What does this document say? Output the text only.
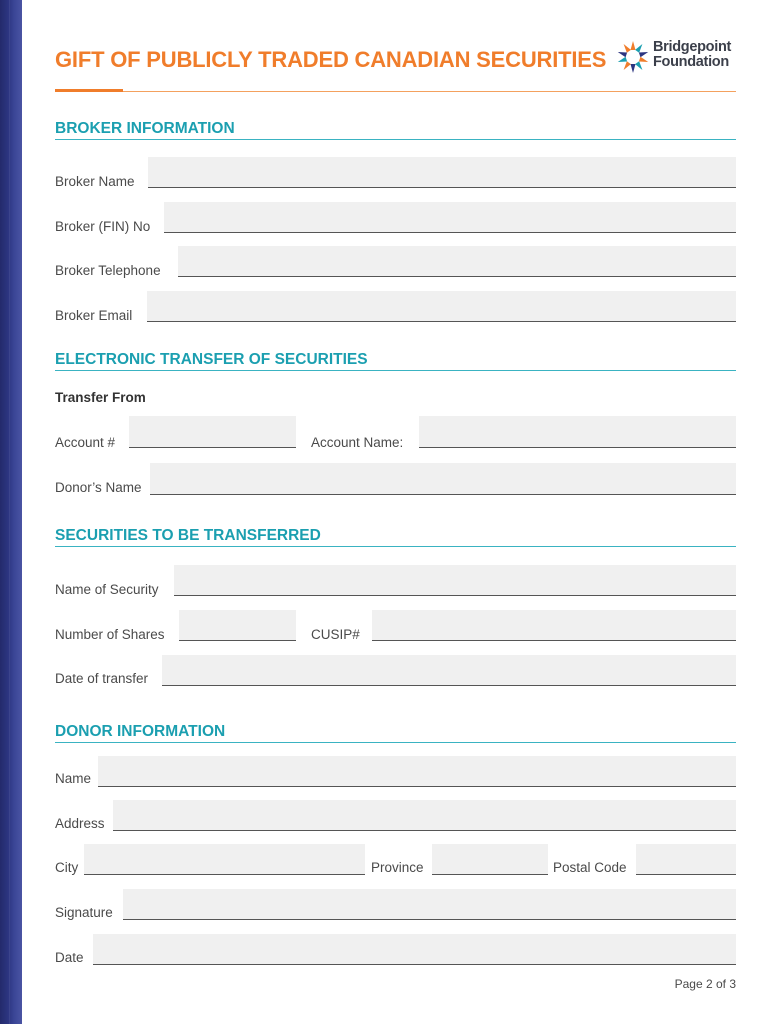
GIFT OF PUBLICLY TRADED CANADIAN SECURITIES	Bridgepoint
Foundation
BROKER INFORMATION
Broker Name
Broker (FIN) No
Broker Telephone
Broker Email
ELECTRONIC TRANSFER OF SECURITIES
Transfer From
Account #	Account Name:
Donor’s Name
SECURITIES TO BE TRANSFERRED
Name of Security
Number of Shares	CUSIP#
Date of transfer
DONOR INFORMATION
Name
Address
City	Province	Postal Code
Signature
Date
Page 2 of 3
